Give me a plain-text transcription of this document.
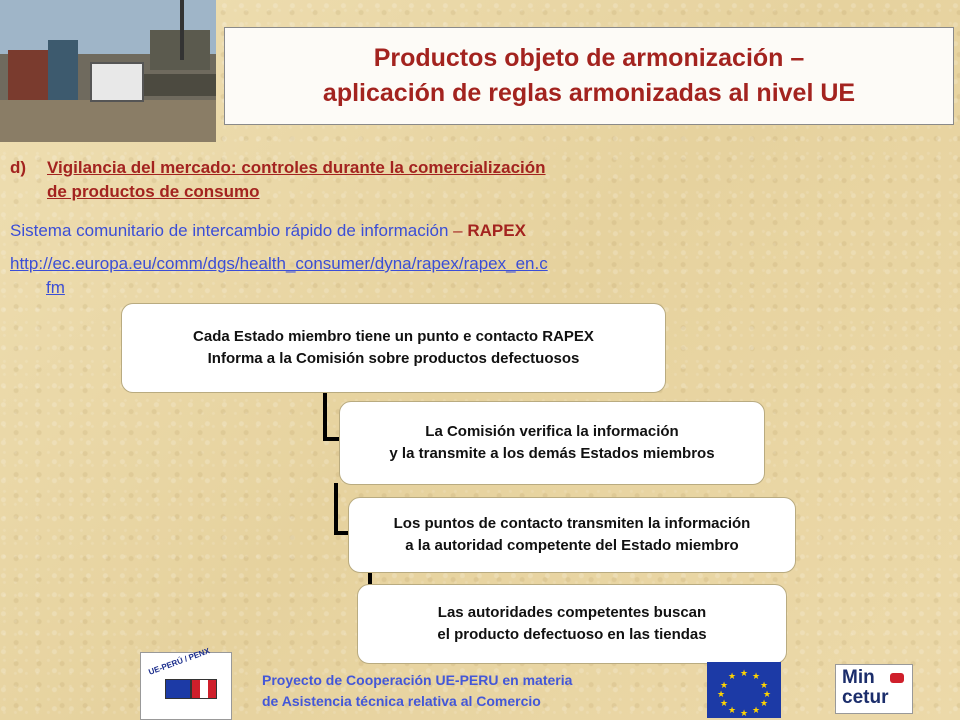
Productos objeto de armonización –
aplicación de reglas armonizadas al nivel UE
d) Vigilancia del mercado: controles durante la comercialización
de productos de consumo
Sistema comunitario de intercambio rápido de información – RAPEX
http://ec.europa.eu/comm/dgs/health_consumer/dyna/rapex/rapex_en.c
fm
Cada Estado miembro tiene un punto e contacto RAPEX
Informa a la Comisión sobre productos defectuosos
La Comisión verifica la información
y la transmite a los demás Estados miembros
Los puntos de contacto transmiten la información
a la autoridad competente del Estado miembro
Las autoridades competentes buscan
el producto defectuoso en las tiendas
UE-PERÚ / PENX
Proyecto de Cooperación UE-PERU en materia
de Asistencia técnica relativa al Comercio
★ ★
★
★
★
★
★
★
★
★
★
★	Min
cetur
